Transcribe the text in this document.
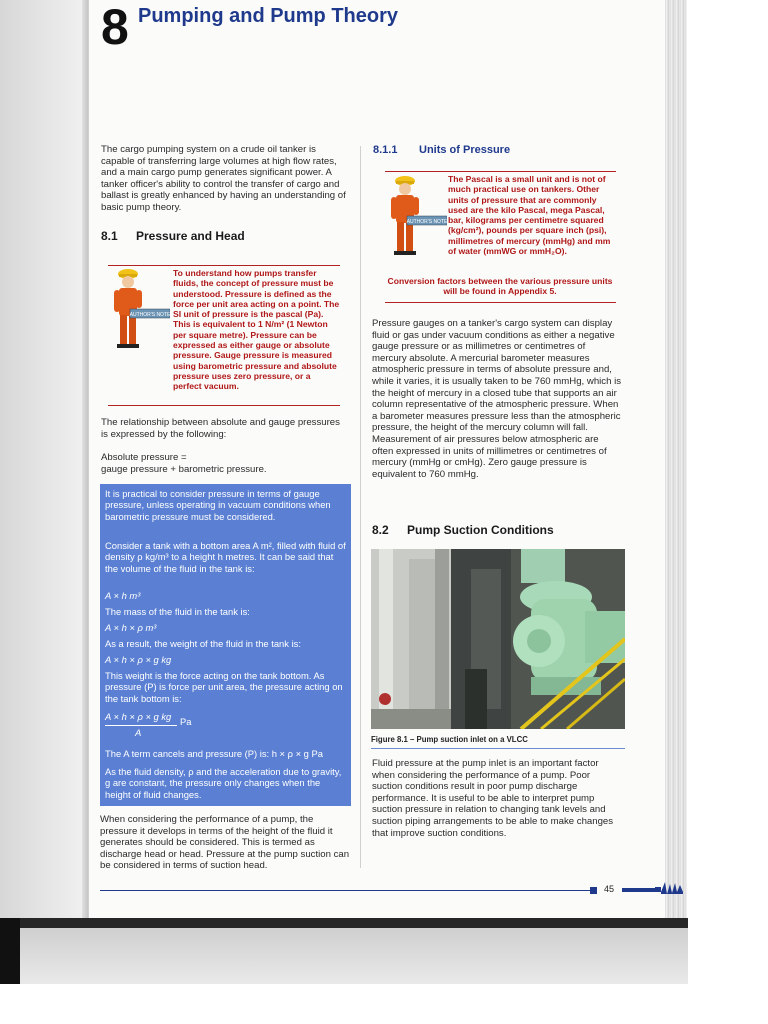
8 Pumping and Pump Theory

The cargo pumping system on a crude oil tanker is capable of transferring large volumes at high flow rates, and a main cargo pump generates significant power. A tanker officer's ability to control the transfer of cargo and ballast is greatly enhanced by having an understanding of basic pump theory.

8.1 Pressure and Head
AUTHOR'S NOTE

To understand how pumps transfer fluids, the concept of pressure must be understood. Pressure is defined as the force per unit area acting on a point. The SI unit of pressure is the pascal (Pa). This is equivalent to 1 N/m² (1 Newton per square metre). Pressure can be expressed as either gauge or absolute pressure. Gauge pressure is measured using barometric pressure and absolute pressure uses zero pressure, or a perfect vacuum.

The relationship between absolute and gauge pressures is expressed by the following:

Absolute pressure =

gauge pressure + barometric pressure.

It is practical to consider pressure in terms of gauge pressure, unless operating in vacuum conditions when barometric pressure must be considered.

Consider a tank with a bottom area A m², filled with fluid of density ρ kg/m³ to a height h metres. It can be said that the volume of the fluid in the tank is:

A × h m³

The mass of the fluid in the tank is:

A × h × ρ m³

As a result, the weight of the fluid in the tank is:

A × h × ρ × g kg

This weight is the force acting on the tank bottom. As pressure (P) is force per unit area, the pressure acting on the tank bottom is:

A × h × ρ × g kg Pa

A

The A term cancels and pressure (P) is: h × ρ × g Pa

As the fluid density, ρ and the acceleration due to gravity, g are constant, the pressure only changes when the height of fluid changes.

When considering the performance of a pump, the pressure it develops in terms of the height of the fluid it generates should be considered. This is termed as discharge head or head. Pressure at the pump suction can be considered in terms of suction head.

8.1.1 Units of Pressure
AUTHOR'S NOTE

The Pascal is a small unit and is not of much practical use on tankers. Other units of pressure that are commonly used are the kilo Pascal, mega Pascal, bar, kilograms per centimetre squared (kg/cm²), pounds per square inch (psi), millimetres of mercury (mmHg) and mm of water (mmWG or mmH₂O).

Conversion factors between the various pressure units will be found in Appendix 5.

Pressure gauges on a tanker's cargo system can display fluid or gas under vacuum conditions as either a negative gauge pressure or as millimetres or centimetres of mercury absolute. A mercurial barometer measures atmospheric pressure in terms of absolute pressure and, while it varies, it is usually taken to be 760 mmHg, which is the height of mercury in a closed tube that supports an air column representative of the atmospheric pressure. When a barometer measures pressure less than the atmospheric pressure, the height of the mercury column will fall. Measurement of air pressures below atmospheric are often expressed in units of millimetres or centimetres of mercury (mmHg or cmHg). Zero gauge pressure is equivalent to 760 mmHg.

8.2 Pump Suction Conditions
Figure 8.1 – Pump suction inlet on a VLCC

Fluid pressure at the pump inlet is an important factor when considering the performance of a pump. Poor suction conditions result in poor pump discharge performance. It is useful to be able to interpret pump suction pressure in relation to changing tank levels and suction piping arrangements to be able to make changes that improve suction conditions.

45
